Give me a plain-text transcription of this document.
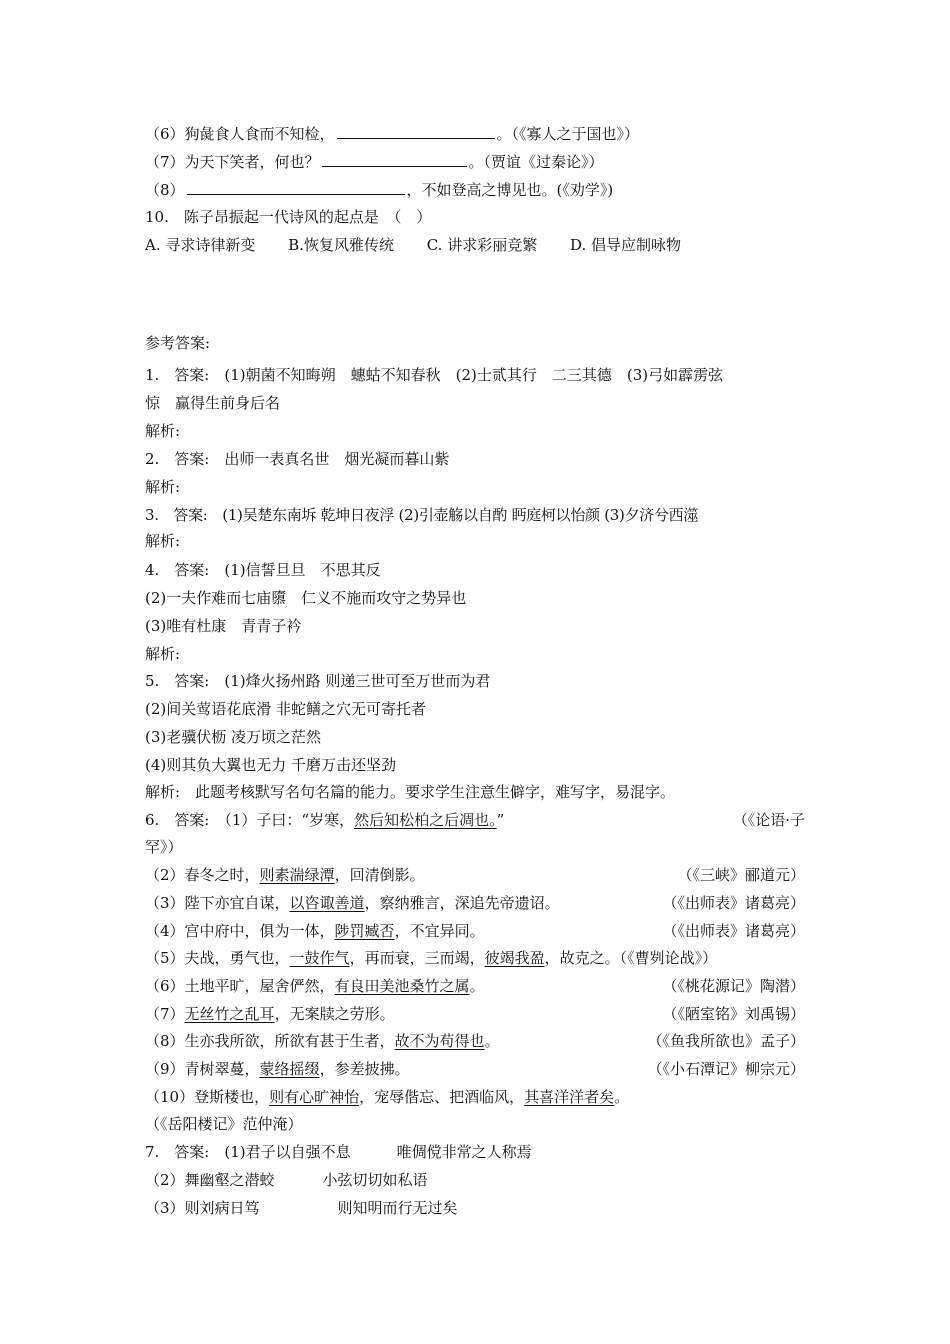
（6）狗彘食人食而不知检，	。（《寡人之于国也》）
（7）为天下笑者，何也？	。（贾谊《过秦论》）
（8）	，不如登高之博见也。(《劝学》)
10.　陈子昂振起一代诗风的起点是　（　）
A. 寻求诗律新变 B.恢复风雅传统 C. 讲求彩丽竞繁 D. 倡导应制咏物
参考答案:
1.　答案:　(1)朝菌不知晦朔　蟪蛄不知春秋　(2)士贰其行　二三其德　(3)弓如霹雳弦
惊　赢得生前身后名
解析:
2.　答案:　出师一表真名世　烟光凝而暮山紫
解析:
3.　答案:　(1)吴楚东南坼 乾坤日夜浮 (2)引壶觞以自酌 眄庭柯以怡颜 (3)夕济兮西澨
解析:
4.　答案:　(1)信誓旦旦　不思其反
(2)一夫作难而七庙隳　仁义不施而攻守之势异也
(3)唯有杜康　青青子衿
解析:
5.　答案:　(1)烽火扬州路 则递三世可至万世而为君
(2)间关莺语花底滑 非蛇鳝之穴无可寄托者
(3)老骥伏枥 凌万顷之茫然
(4)则其负大翼也无力 千磨万击还坚劲
解析:　此题考核默写名句名篇的能力。要求学生注意生僻字，难写字，易混字。
6.　答案:　（1）子曰：“岁寒，然后知松柏之后凋也。”	（《论语·子
罕》）
（2）春冬之时，则素湍绿潭，回清倒影。	（《三峡》郦道元）
（3）陛下亦宜自谋，以咨诹善道，察纳雅言，深追先帝遗诏。	（《出师表》诸葛亮）
（4）宫中府中，俱为一体，陟罚臧否，不宜异同。	（《出师表》诸葛亮）
（5）夫战，勇气也，一鼓作气，再而衰，三而竭，彼竭我盈，故克之。（《曹刿论战》）
（6）土地平旷，屋舍俨然，有良田美池桑竹之属。	（《桃花源记》陶潜）
（7）无丝竹之乱耳，无案牍之劳形。	（《陋室铭》刘禹锡）
（8）生亦我所欲，所欲有甚于生者，故不为苟得也。	（《鱼我所欲也》孟子）
（9）青树翠蔓，蒙络摇缀，参差披拂。	（《小石潭记》柳宗元）
（10）登斯楼也，则有心旷神怡，宠辱偕忘、把酒临风，其喜洋洋者矣。
（《岳阳楼记》范仲淹）
7.　答案:　(1)君子以自强不息	唯倜傥非常之人称焉
（2）舞幽壑之潜蛟	小弦切切如私语
（3）则刘病日笃	则知明而行无过矣
